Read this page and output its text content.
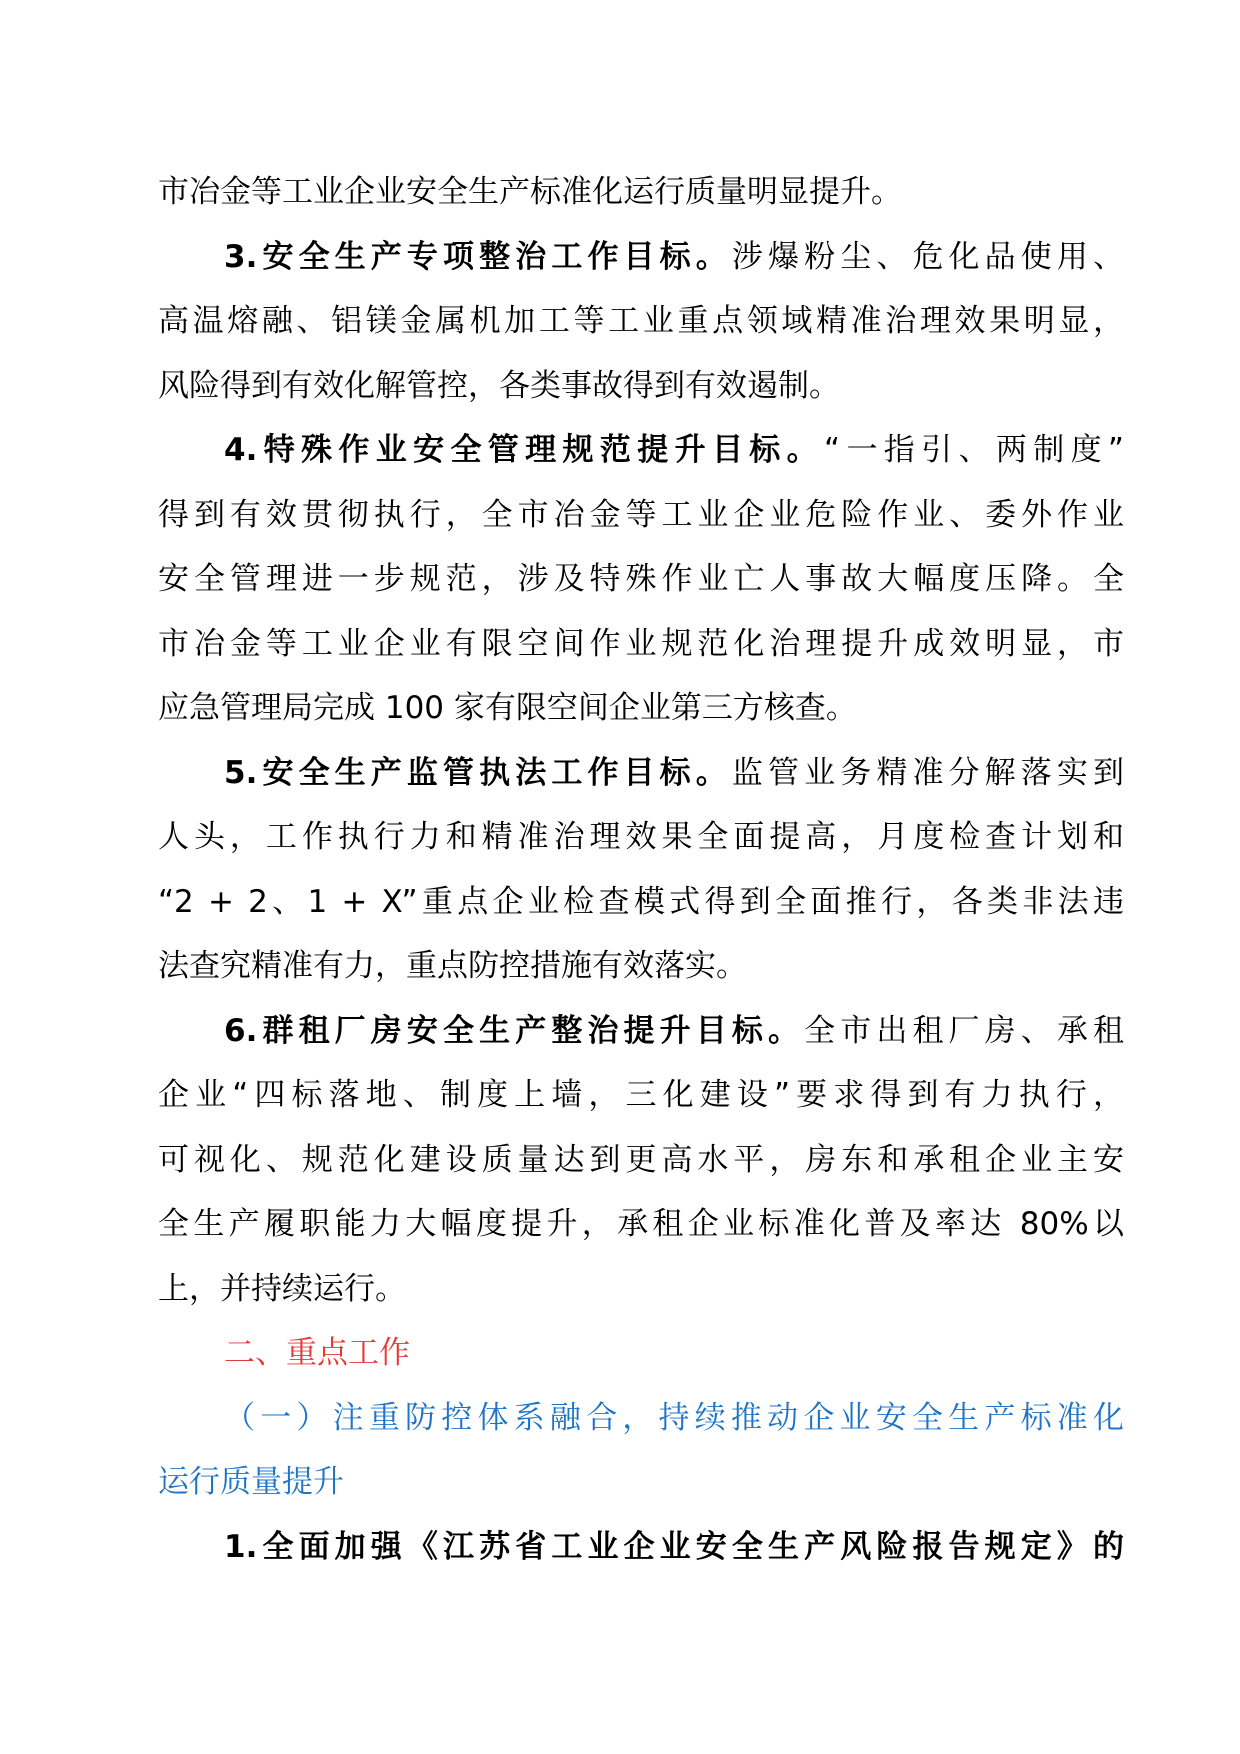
市冶金等工业企业安全生产标准化运行质量明显提升。
3.安全生产专项整治工作目标。涉爆粉尘、危化品使用、
高温熔融、铝镁金属机加工等工业重点领域精准治理效果明显，
风险得到有效化解管控，各类事故得到有效遏制。
4.特殊作业安全管理规范提升目标。“一指引、两制度”
得到有效贯彻执行，全市冶金等工业企业危险作业、委外作业
安全管理进一步规范，涉及特殊作业亡人事故大幅度压降。全
市冶金等工业企业有限空间作业规范化治理提升成效明显，市
应急管理局完成 100 家有限空间企业第三方核查。
5.安全生产监管执法工作目标。监管业务精准分解落实到
人头，工作执行力和精准治理效果全面提高，月度检查计划和
“2 + 2、1 + X”重点企业检查模式得到全面推行，各类非法违
法查究精准有力，重点防控措施有效落实。
6.群租厂房安全生产整治提升目标。全市出租厂房、承租
企业“四标落地、制度上墙，三化建设”要求得到有力执行，
可视化、规范化建设质量达到更高水平，房东和承租企业主安
全生产履职能力大幅度提升，承租企业标准化普及率达 80%以
上，并持续运行。
二、重点工作
（一）注重防控体系融合，持续推动企业安全生产标准化
运行质量提升
1.全面加强《江苏省工业企业安全生产风险报告规定》的
